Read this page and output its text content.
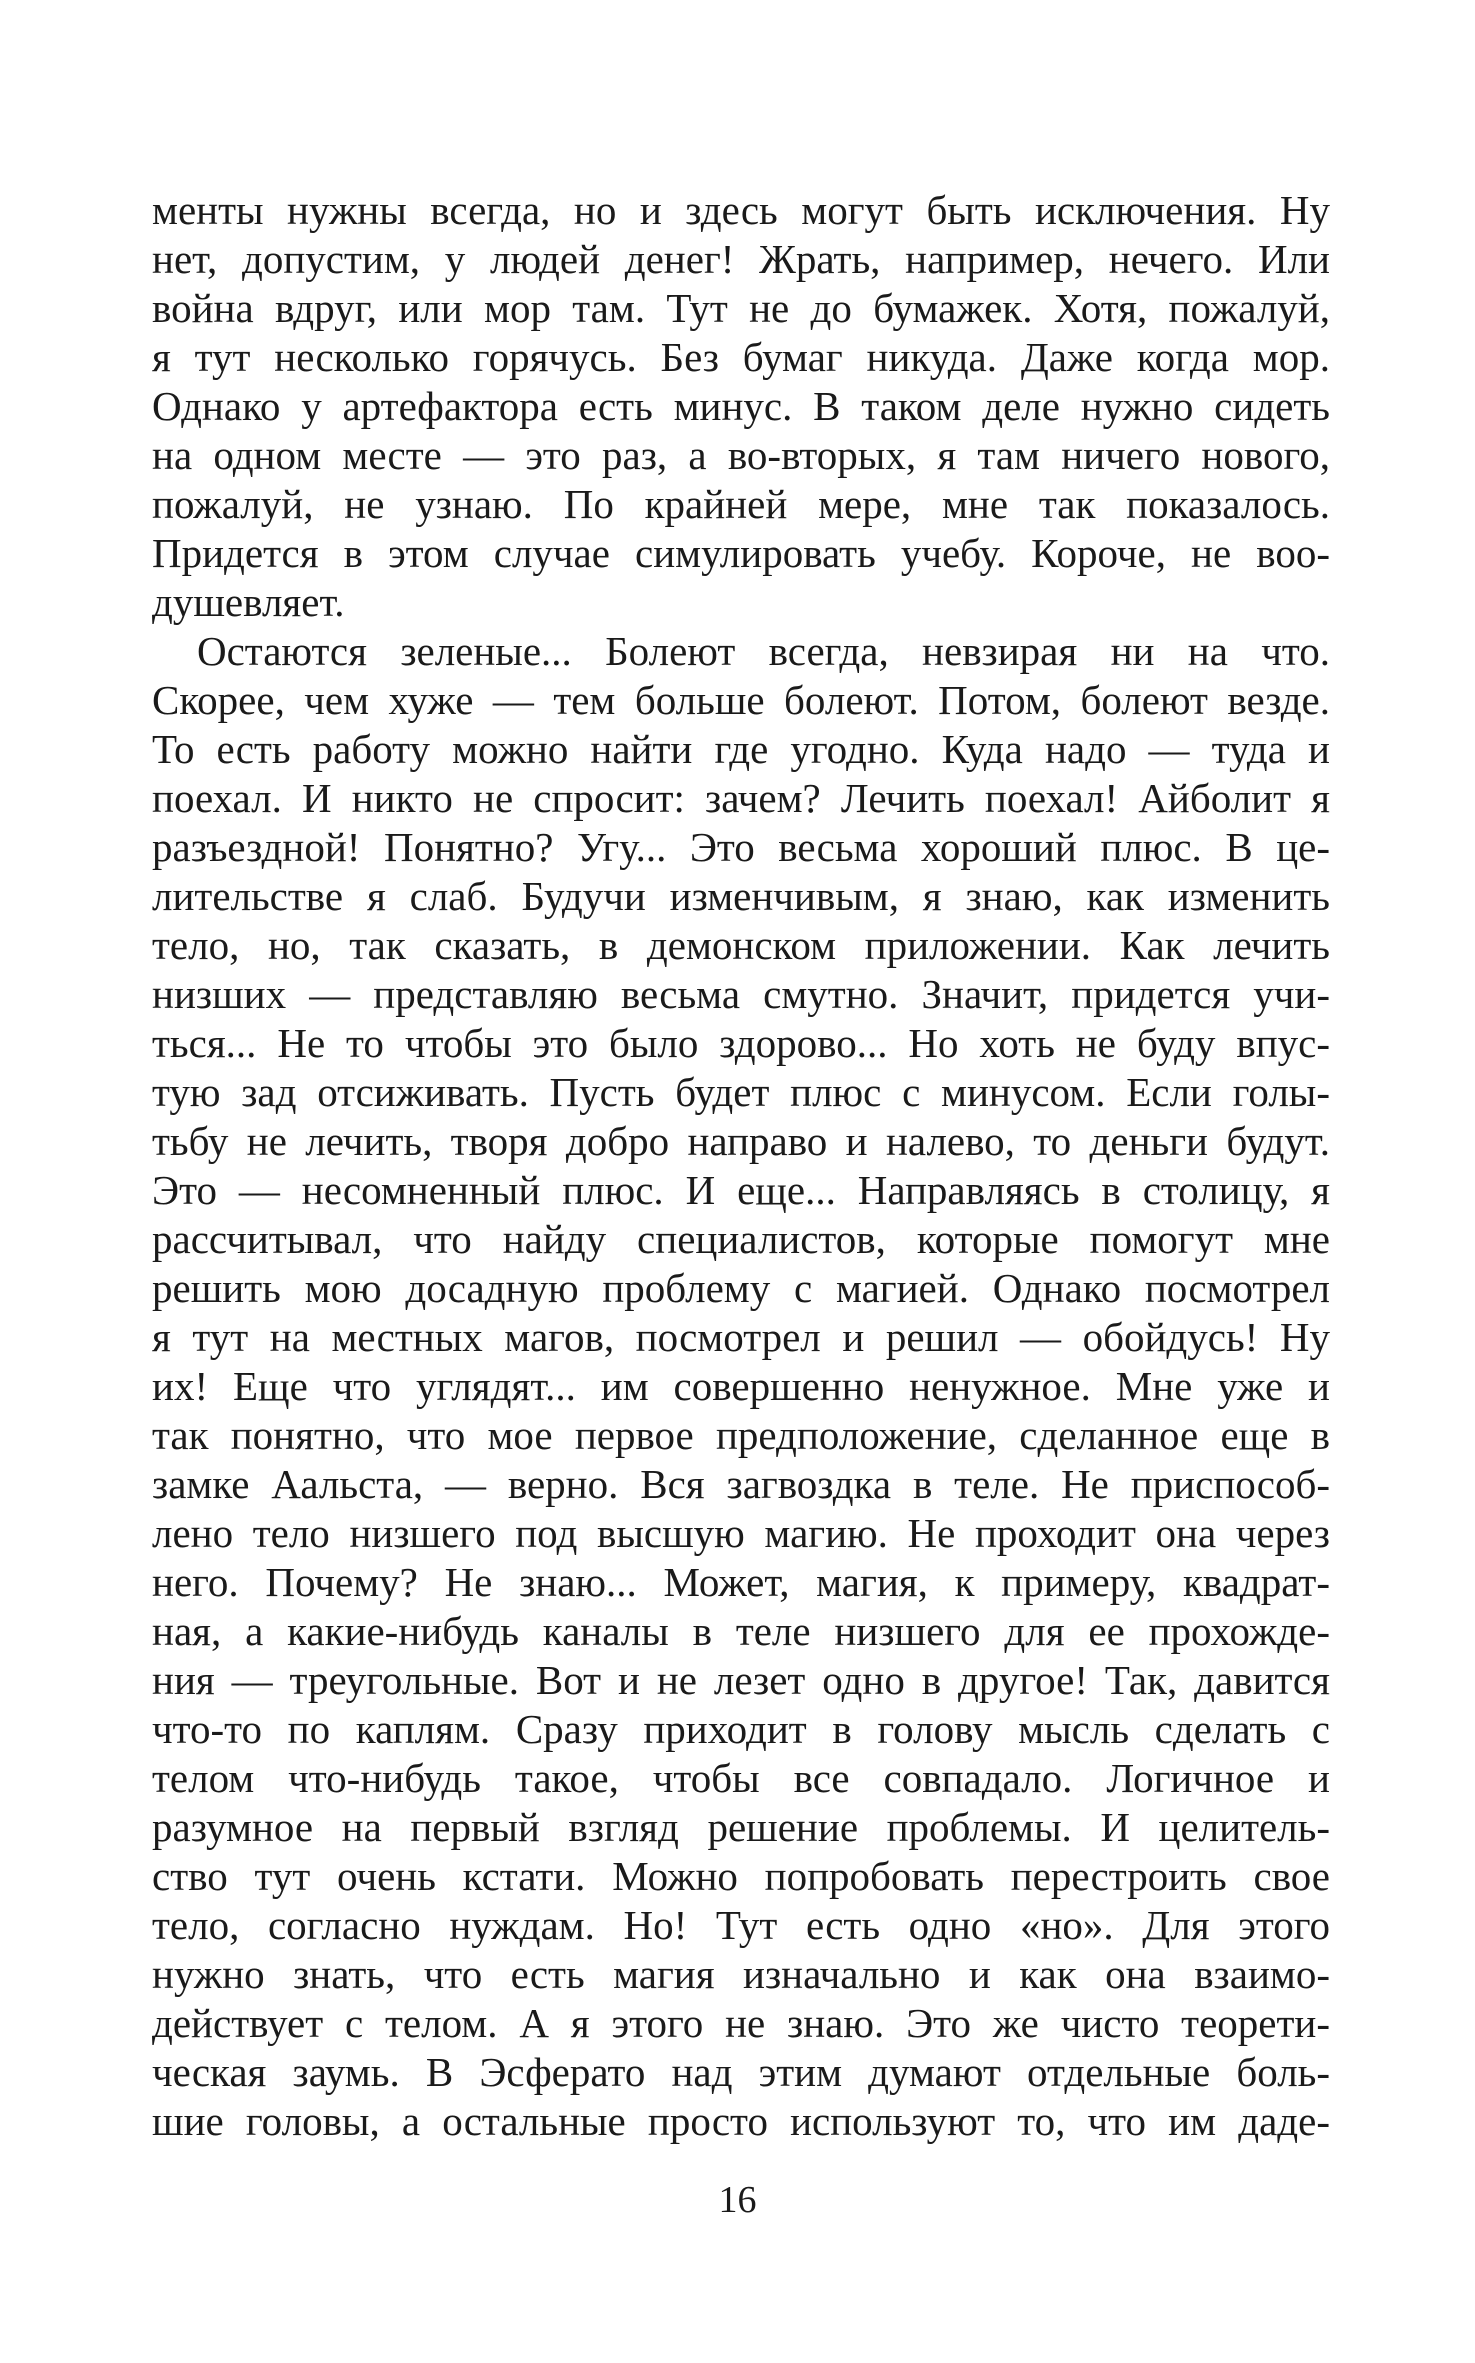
менты нужны всегда, но и здесь могут быть исключения. Ну
нет, допустим, у людей денег! Жрать, например, нечего. Или
война вдруг, или мор там. Тут не до бумажек. Хотя, пожалуй,
я тут несколько горячусь. Без бумаг никуда. Даже когда мор.
Однако у артефактора есть минус. В таком деле нужно сидеть
на одном месте — это раз, а во-вторых, я там ничего нового,
пожалуй, не узнаю. По крайней мере, мне так показалось.
Придется в этом случае симулировать учебу. Короче, не воо-
душевляет.
Остаются зеленые... Болеют всегда, невзирая ни на что.
Скорее, чем хуже — тем больше болеют. Потом, болеют везде.
То есть работу можно найти где угодно. Куда надо — туда и
поехал. И никто не спросит: зачем? Лечить поехал! Айболит я
разъездной! Понятно? Угу... Это весьма хороший плюс. В це-
лительстве я слаб. Будучи изменчивым, я знаю, как изменить
тело, но, так сказать, в демонском приложении. Как лечить
низших — представляю весьма смутно. Значит, придется учи-
ться... Не то чтобы это было здорово... Но хоть не буду впус-
тую зад отсиживать. Пусть будет плюс с минусом. Если голы-
тьбу не лечить, творя добро направо и налево, то деньги будут.
Это — несомненный плюс. И еще... Направляясь в столицу, я
рассчитывал, что найду специалистов, которые помогут мне
решить мою досадную проблему с магией. Однако посмотрел
я тут на местных магов, посмотрел и решил — обойдусь! Ну
их! Еще что углядят... им совершенно ненужное. Мне уже и
так понятно, что мое первое предположение, сделанное еще в
замке Аальста, — верно. Вся загвоздка в теле. Не приспособ-
лено тело низшего под высшую магию. Не проходит она через
него. Почему? Не знаю... Может, магия, к примеру, квадрат-
ная, а какие-нибудь каналы в теле низшего для ее прохожде-
ния — треугольные. Вот и не лезет одно в другое! Так, давится
что-то по каплям. Сразу приходит в голову мысль сделать с
телом что-нибудь такое, чтобы все совпадало. Логичное и
разумное на первый взгляд решение проблемы. И целитель-
ство тут очень кстати. Можно попробовать перестроить свое
тело, согласно нуждам. Но! Тут есть одно «но». Для этого
нужно знать, что есть магия изначально и как она взаимо-
действует с телом. А я этого не знаю. Это же чисто теорети-
ческая заумь. В Эсферато над этим думают отдельные боль-
шие головы, а остальные просто используют то, что им даде-
16
